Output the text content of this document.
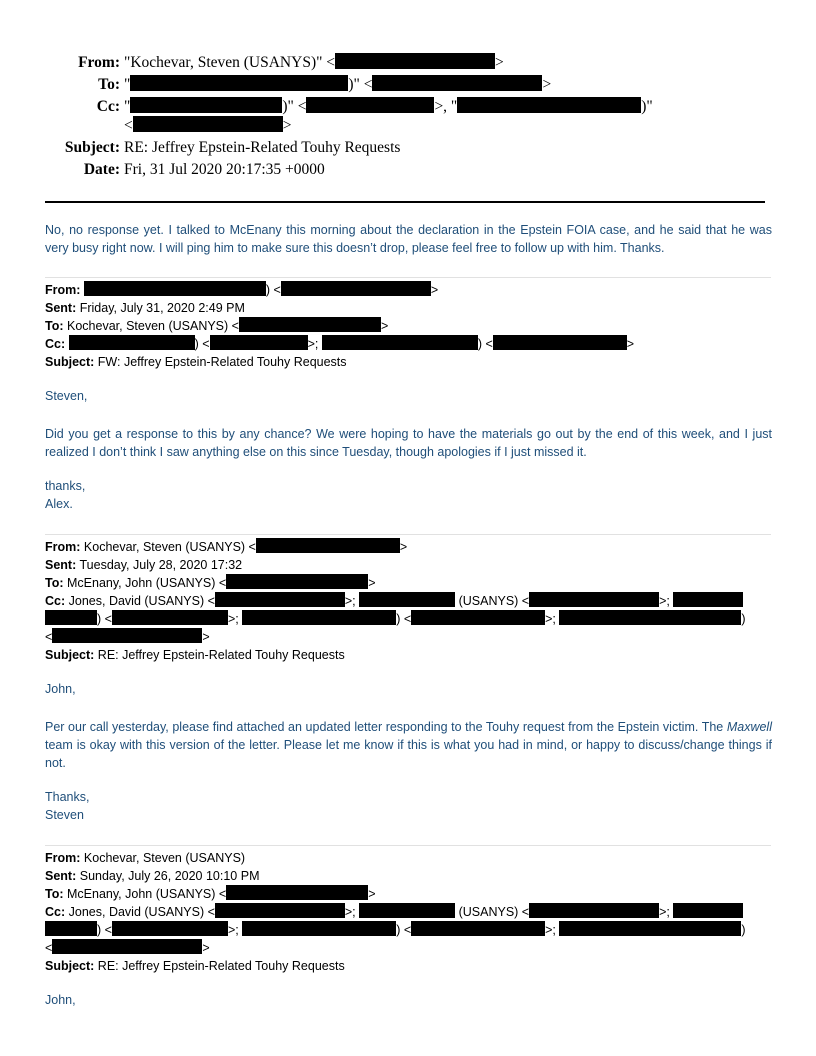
From: "Kochevar, Steven (USANYS)" <	>
To: "	)" <	>
Cc: "	)" <	>, "	)"
<	>
Subject: RE: Jeffrey Epstein-Related Touhy Requests
Date: Fri, 31 Jul 2020 20:17:35 +0000
No, no response yet. I talked to McEnany this morning about the declaration in the Epstein FOIA case, and he said that he was very busy right now. I will ping him to make sure this doesn’t drop, please feel free to follow up with him. Thanks.
From:	) <	>
Sent: Friday, July 31, 2020 2:49 PM
To: Kochevar, Steven (USANYS) <	>
Cc:	) <	>;	) <	>
Subject: FW: Jeffrey Epstein-Related Touhy Requests
Steven,
Did you get a response to this by any chance? We were hoping to have the materials go out by the end of this week, and I just realized I don’t think I saw anything else on this since Tuesday, though apologies if I just missed it.
thanks,
Alex.
From: Kochevar, Steven (USANYS) <	>
Sent: Tuesday, July 28, 2020 17:32
To: McEnany, John (USANYS) <	>
Cc: Jones, David (USANYS) <	>;	(USANYS) <	>;
) <	>;	) <	>;	)
<	>
Subject: RE: Jeffrey Epstein-Related Touhy Requests
John,
Per our call yesterday, please find attached an updated letter responding to the Touhy request from the Epstein victim. The Maxwell team is okay with this version of the letter. Please let me know if this is what you had in mind, or happy to discuss/change things if not.
Thanks,
Steven
From: Kochevar, Steven (USANYS)
Sent: Sunday, July 26, 2020 10:10 PM
To: McEnany, John (USANYS) <	>
Cc: Jones, David (USANYS) <	>;	(USANYS) <	>;
) <	>;	) <	>;	)
<	>
Subject: RE: Jeffrey Epstein-Related Touhy Requests
John,
